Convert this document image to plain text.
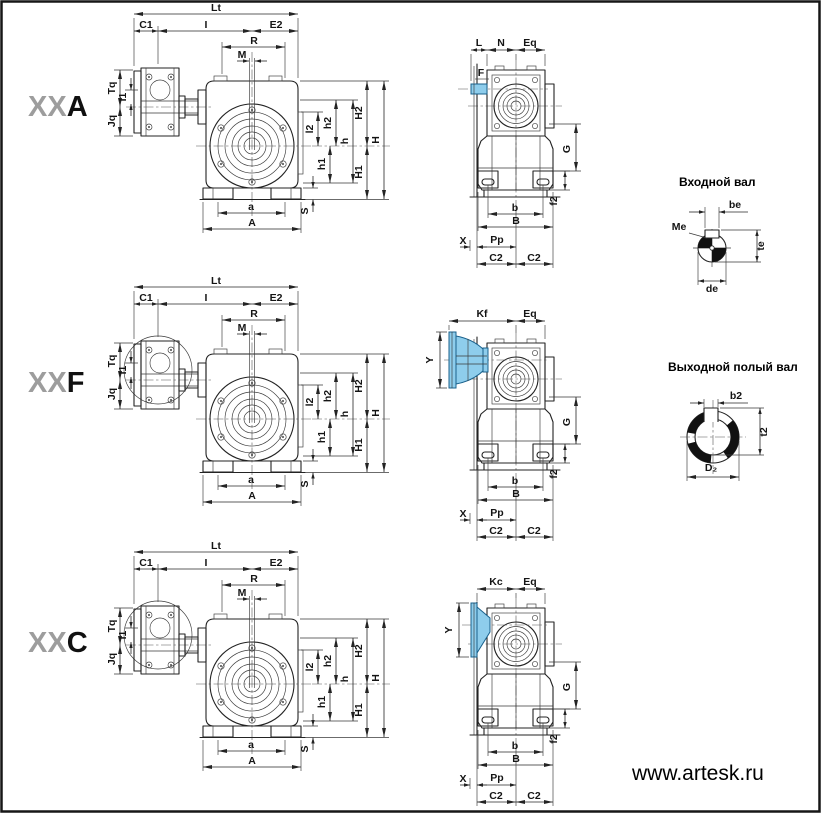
XXA
Lt
C1	I	E2
R
M
Tq
I1
Jq
l2 h2
h
h1
H2
H1
H
S
a
A
G
f2
b
B
X Pp
C2 C2
L N Eq
F
XXF
Lt
C1	I	E2
R
M
Tq
I1
Jq
l2 h2
h
h1
H2
H1
H
S
a
A
G
f2
b
B
X Pp
C2 C2
Kf	Eq
Y
XXC
Lt
C1	I	E2
R
M
Tq
I1
Jq
l2 h2
h
h1
H2
H1
H
S
a
A
G
f2
b
B
X Pp
C2 C2
Kc Eq
Y
Входной вал
be
Me
te
de
Выходной полый вал
b2
t2
D₂
www.artesk.ru
